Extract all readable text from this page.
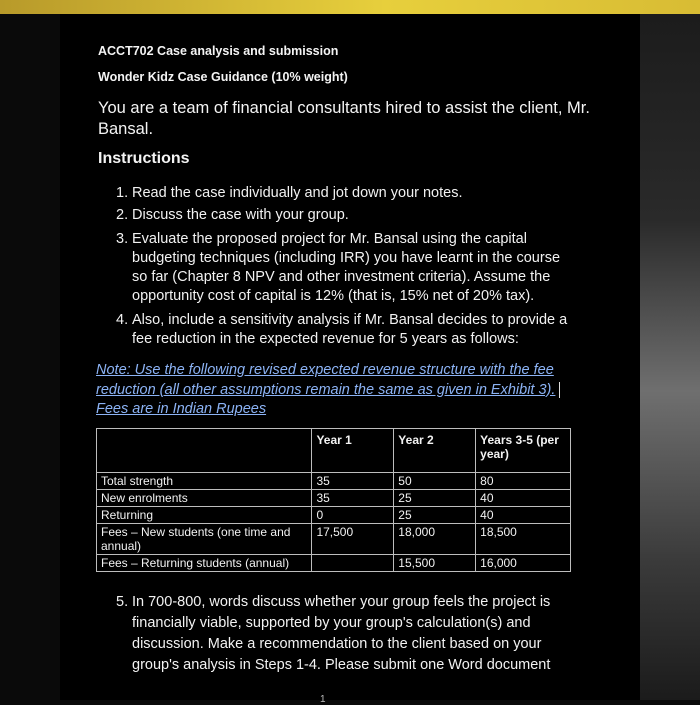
ACCT702 Case analysis and submission
Wonder Kidz Case Guidance (10% weight)
You are a team of financial consultants hired to assist the client, Mr. Bansal.
Instructions
1. Read the case individually and jot down your notes.
2. Discuss the case with your group.
3. Evaluate the proposed project for Mr. Bansal using the capital budgeting techniques (including IRR) you have learnt in the course so far (Chapter 8 NPV and other investment criteria). Assume the opportunity cost of capital is 12% (that is, 15% net of 20% tax).
4. Also, include a sensitivity analysis if Mr. Bansal decides to provide a fee reduction in the expected revenue for 5 years as follows:
Note: Use the following revised expected revenue structure with the fee reduction (all other assumptions remain the same as given in Exhibit 3).
Fees are in Indian Rupees
	Year 1	Year 2	Years 3-5 (per year)
Total strength	35	50	80
New enrolments	35	25	40
Returning	0	25	40
Fees – New students (one time and annual)	17,500	18,000	18,500
Fees – Returning students (annual)		15,500	16,000
5. In 700-800, words discuss whether your group feels the project is financially viable, supported by your group's calculation(s) and discussion. Make a recommendation to the client based on your group's analysis in Steps 1-4. Please submit one Word document
1
